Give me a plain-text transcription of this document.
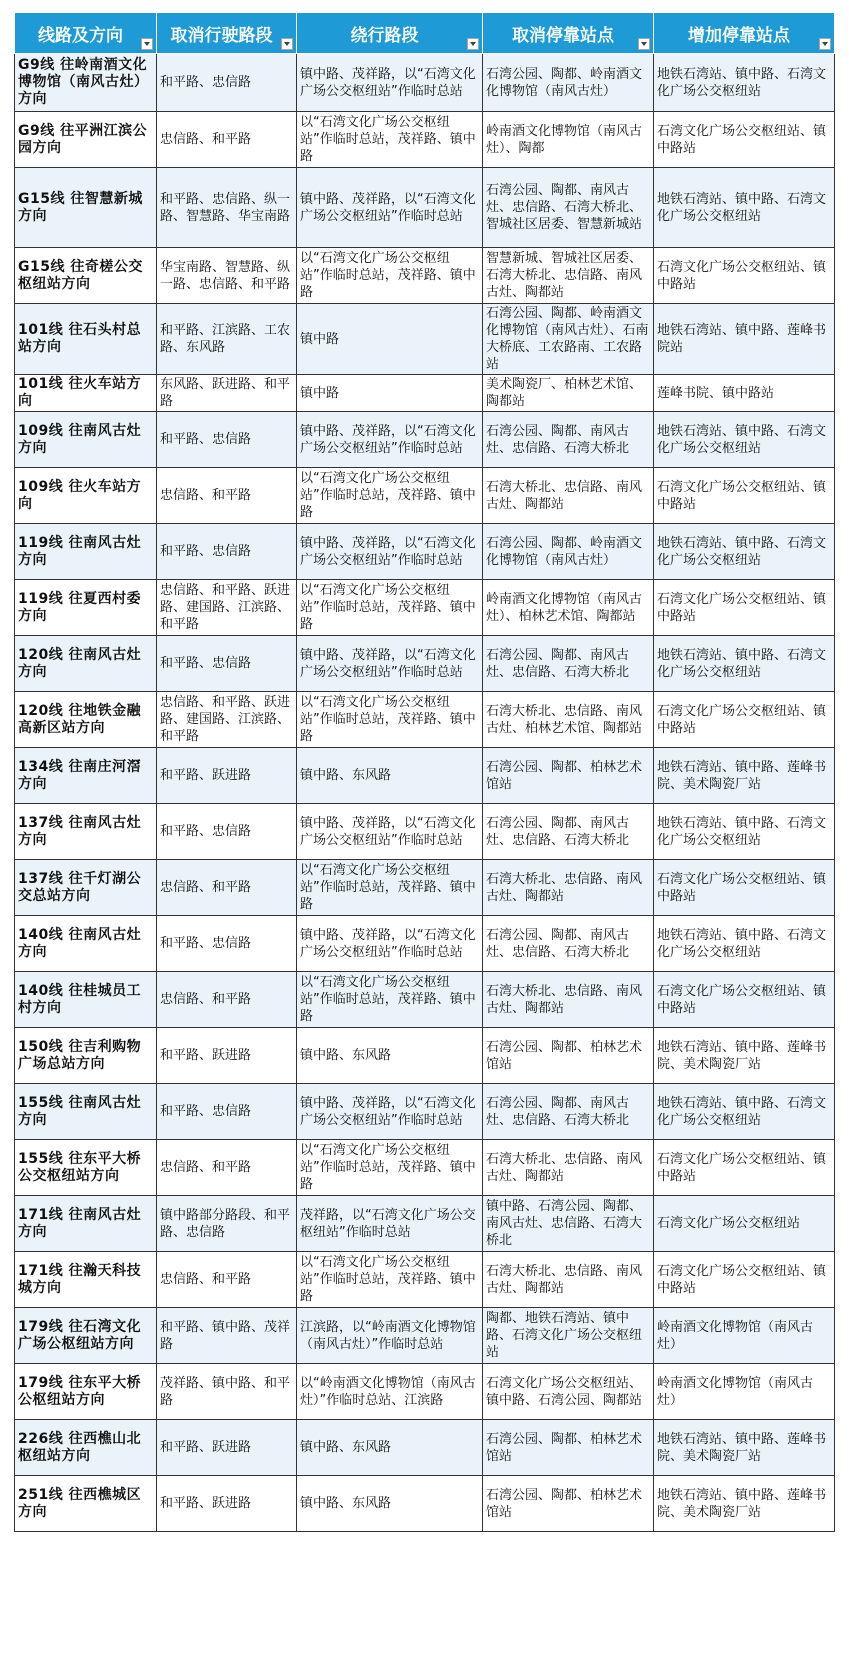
线路及方向	取消行驶路段	绕行路段	取消停靠站点	增加停靠站点

G9线 往岭南酒文化博物馆（南风古灶）方向	和平路、忠信路	镇中路、茂祥路，以“石湾文化广场公交枢纽站”作临时总站	石湾公园、陶都、岭南酒文化博物馆（南风古灶）	地铁石湾站、镇中路、石湾文化广场公交枢纽站
G9线 往平洲江滨公园方向	忠信路、和平路	以“石湾文化广场公交枢纽站”作临时总站，茂祥路、镇中路	岭南酒文化博物馆（南风古灶）、陶都	石湾文化广场公交枢纽站、镇中路站
G15线 往智慧新城方向	和平路、忠信路、纵一路、智慧路、华宝南路	镇中路、茂祥路，以“石湾文化广场公交枢纽站”作临时总站	石湾公园、陶都、南风古灶、忠信路、石湾大桥北、智城社区居委、智慧新城站	地铁石湾站、镇中路、石湾文化广场公交枢纽站
G15线 往奇槎公交枢纽站方向	华宝南路、智慧路、纵一路、忠信路、和平路	以“石湾文化广场公交枢纽站”作临时总站，茂祥路、镇中路	智慧新城、智城社区居委、石湾大桥北、忠信路、南风古灶、陶都站	石湾文化广场公交枢纽站、镇中路站
101线 往石头村总站方向	和平路、江滨路、工农路、东风路	镇中路	石湾公园、陶都、岭南酒文化博物馆（南风古灶）、石南大桥底、工农路南、工农路站	地铁石湾站、镇中路、莲峰书院站
101线 往火车站方向	东风路、跃进路、和平路	镇中路	美术陶瓷厂、柏林艺术馆、陶都站	莲峰书院、镇中路站
109线 往南风古灶方向	和平路、忠信路	镇中路、茂祥路，以“石湾文化广场公交枢纽站”作临时总站	石湾公园、陶都、南风古灶、忠信路、石湾大桥北	地铁石湾站、镇中路、石湾文化广场公交枢纽站
109线 往火车站方向	忠信路、和平路	以“石湾文化广场公交枢纽站”作临时总站，茂祥路、镇中路	石湾大桥北、忠信路、南风古灶、陶都站	石湾文化广场公交枢纽站、镇中路站
119线 往南风古灶方向	和平路、忠信路	镇中路、茂祥路，以“石湾文化广场公交枢纽站”作临时总站	石湾公园、陶都、岭南酒文化博物馆（南风古灶）	地铁石湾站、镇中路、石湾文化广场公交枢纽站
119线 往夏西村委方向	忠信路、和平路、跃进路、建国路、江滨路、和平路	以“石湾文化广场公交枢纽站”作临时总站，茂祥路、镇中路	岭南酒文化博物馆（南风古灶）、柏林艺术馆、陶都站	石湾文化广场公交枢纽站、镇中路站
120线 往南风古灶方向	和平路、忠信路	镇中路、茂祥路，以“石湾文化广场公交枢纽站”作临时总站	石湾公园、陶都、南风古灶、忠信路、石湾大桥北	地铁石湾站、镇中路、石湾文化广场公交枢纽站
120线 往地铁金融高新区站方向	忠信路、和平路、跃进路、建国路、江滨路、和平路	以“石湾文化广场公交枢纽站”作临时总站，茂祥路、镇中路	石湾大桥北、忠信路、南风古灶、柏林艺术馆、陶都站	石湾文化广场公交枢纽站、镇中路站
134线 往南庄河滘方向	和平路、跃进路	镇中路、东风路	石湾公园、陶都、柏林艺术馆站	地铁石湾站、镇中路、莲峰书院、美术陶瓷厂站
137线 往南风古灶方向	和平路、忠信路	镇中路、茂祥路，以“石湾文化广场公交枢纽站”作临时总站	石湾公园、陶都、南风古灶、忠信路、石湾大桥北	地铁石湾站、镇中路、石湾文化广场公交枢纽站
137线 往千灯湖公交总站方向	忠信路、和平路	以“石湾文化广场公交枢纽站”作临时总站，茂祥路、镇中路	石湾大桥北、忠信路、南风古灶、陶都站	石湾文化广场公交枢纽站、镇中路站
140线 往南风古灶方向	和平路、忠信路	镇中路、茂祥路，以“石湾文化广场公交枢纽站”作临时总站	石湾公园、陶都、南风古灶、忠信路、石湾大桥北	地铁石湾站、镇中路、石湾文化广场公交枢纽站
140线 往桂城员工村方向	忠信路、和平路	以“石湾文化广场公交枢纽站”作临时总站，茂祥路、镇中路	石湾大桥北、忠信路、南风古灶、陶都站	石湾文化广场公交枢纽站、镇中路站
150线 往吉利购物广场总站方向	和平路、跃进路	镇中路、东风路	石湾公园、陶都、柏林艺术馆站	地铁石湾站、镇中路、莲峰书院、美术陶瓷厂站
155线 往南风古灶方向	和平路、忠信路	镇中路、茂祥路，以“石湾文化广场公交枢纽站”作临时总站	石湾公园、陶都、南风古灶、忠信路、石湾大桥北	地铁石湾站、镇中路、石湾文化广场公交枢纽站
155线 往东平大桥公交枢纽站方向	忠信路、和平路	以“石湾文化广场公交枢纽站”作临时总站，茂祥路、镇中路	石湾大桥北、忠信路、南风古灶、陶都站	石湾文化广场公交枢纽站、镇中路站
171线 往南风古灶方向	镇中路部分路段、和平路、忠信路	茂祥路，以“石湾文化广场公交枢纽站”作临时总站	镇中路、石湾公园、陶都、南风古灶、忠信路、石湾大桥北	石湾文化广场公交枢纽站
171线 往瀚天科技城方向	忠信路、和平路	以“石湾文化广场公交枢纽站”作临时总站，茂祥路、镇中路	石湾大桥北、忠信路、南风古灶、陶都站	石湾文化广场公交枢纽站、镇中路站
179线 往石湾文化广场公枢纽站方向	和平路、镇中路、茂祥路	江滨路，以“岭南酒文化博物馆（南风古灶）”作临时总站	陶都、地铁石湾站、镇中路、石湾文化广场公交枢纽站	岭南酒文化博物馆（南风古灶）
179线 往东平大桥公枢纽站方向	茂祥路、镇中路、和平路	以“岭南酒文化博物馆（南风古灶）”作临时总站、江滨路	石湾文化广场公交枢纽站、镇中路、石湾公园、陶都站	岭南酒文化博物馆（南风古灶）
226线 往西樵山北枢纽站方向	和平路、跃进路	镇中路、东风路	石湾公园、陶都、柏林艺术馆站	地铁石湾站、镇中路、莲峰书院、美术陶瓷厂站
251线 往西樵城区方向	和平路、跃进路	镇中路、东风路	石湾公园、陶都、柏林艺术馆站	地铁石湾站、镇中路、莲峰书院、美术陶瓷厂站
